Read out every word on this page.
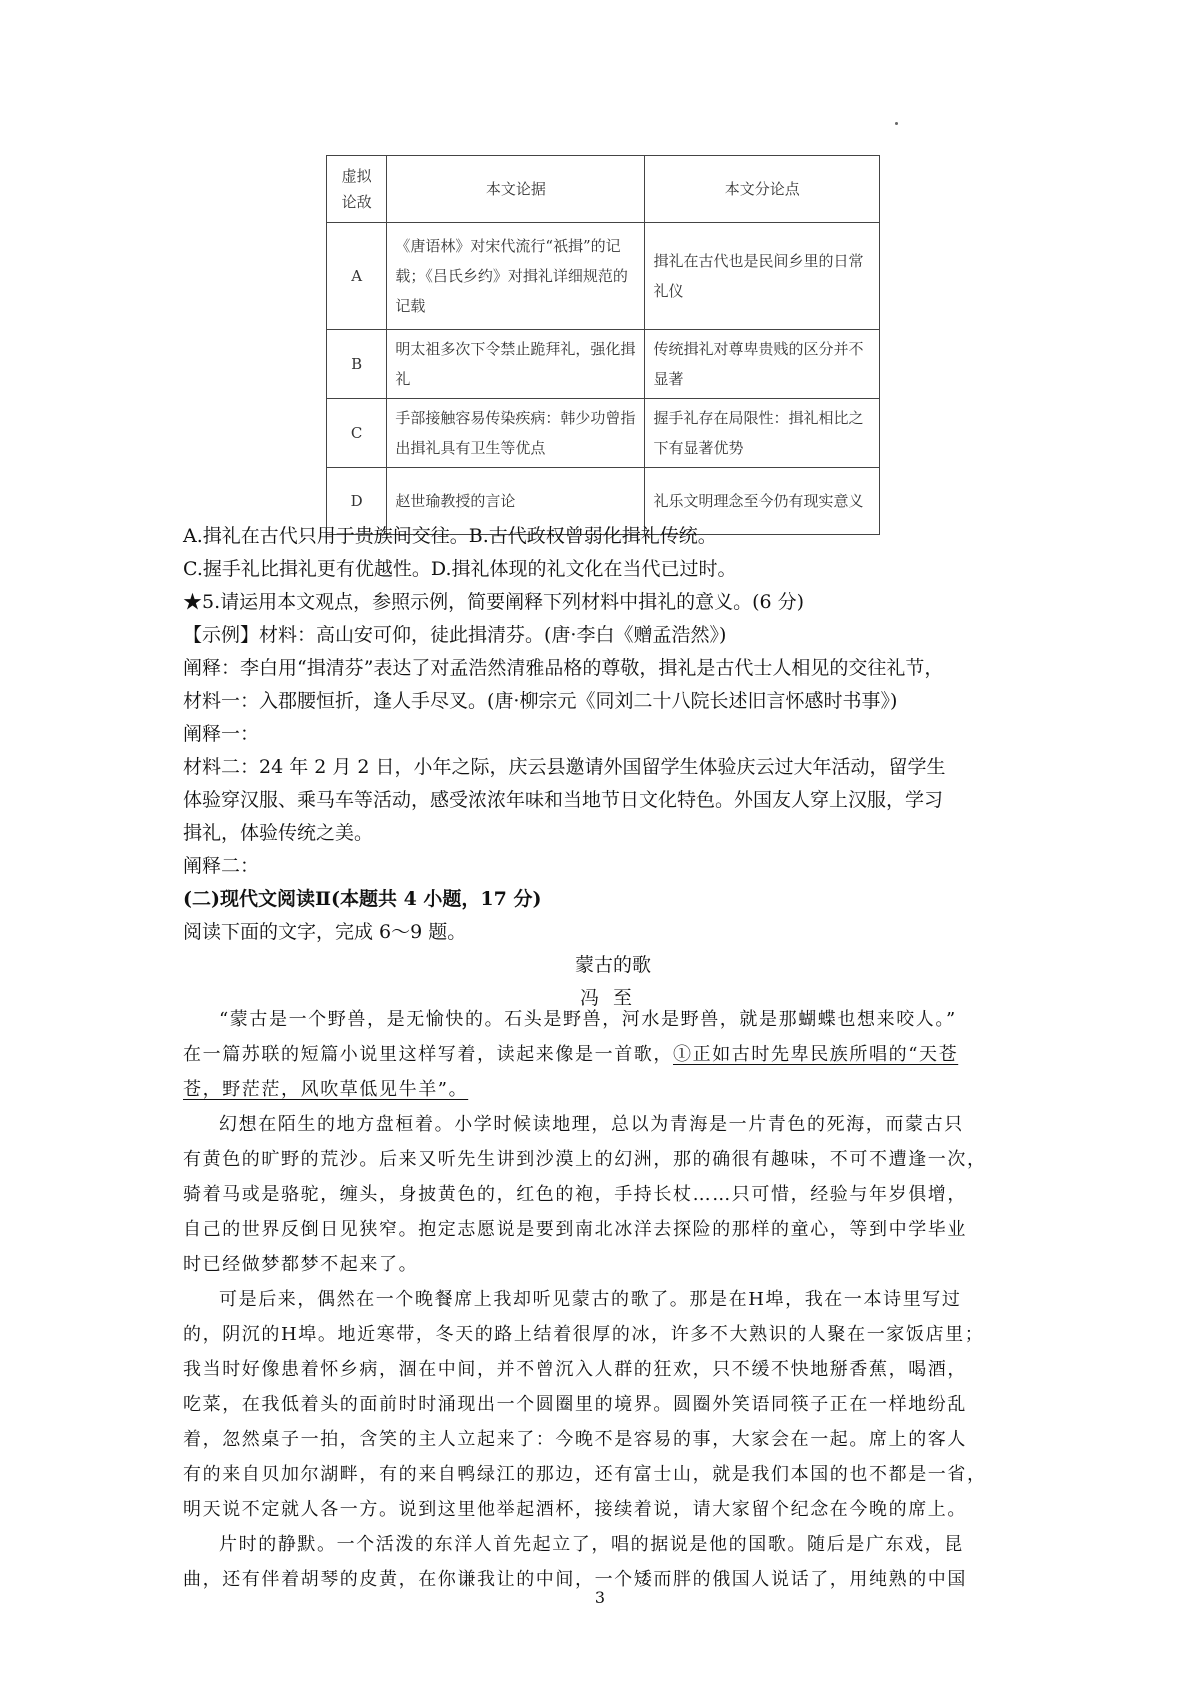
虚拟论敌	本文论据	本文分论点
A	《唐语林》对宋代流行“祇揖”的记载；《吕氏乡约》对揖礼详细规范的记载	揖礼在古代也是民间乡里的日常礼仪
B	明太祖多次下令禁止跪拜礼，强化揖礼	传统揖礼对尊卑贵贱的区分并不显著
C	手部接触容易传染疾病：韩少功曾指出揖礼具有卫生等优点	握手礼存在局限性：揖礼相比之下有显著优势
D	赵世瑜教授的言论	礼乐文明理念至今仍有现实意义
A.揖礼在古代只用于贵族间交往。B.古代政权曾弱化揖礼传统。
C.握手礼比揖礼更有优越性。D.揖礼体现的礼文化在当代已过时。
★5.请运用本文观点，参照示例，简要阐释下列材料中揖礼的意义。(6 分)
【示例】材料：高山安可仰，徒此揖清芬。(唐·李白《赠孟浩然》)
阐释：李白用“揖清芬”表达了对孟浩然清雅品格的尊敬，揖礼是古代士人相见的交往礼节，
材料一：入郡腰恒折，逢人手尽叉。(唐·柳宗元《同刘二十八院长述旧言怀感时书事》)
阐释一：
材料二：24 年 2 月 2 日，小年之际，庆云县邀请外国留学生体验庆云过大年活动，留学生
体验穿汉服、乘马车等活动，感受浓浓年味和当地节日文化特色。外国友人穿上汉服，学习
揖礼，体验传统之美。
阐释二：
(二)现代文阅读Ⅱ(本题共 4 小题，17 分)
阅读下面的文字，完成 6～9 题。
蒙古的歌
冯至
“蒙古是一个野兽，是无愉快的。石头是野兽，河水是野兽，就是那蝴蝶也想来咬人。”
在一篇苏联的短篇小说里这样写着，读起来像是一首歌，①正如古时先卑民族所唱的“天苍
苍，野茫茫，风吹草低见牛羊”。
幻想在陌生的地方盘桓着。小学时候读地理，总以为青海是一片青色的死海，而蒙古只
有黄色的旷野的荒沙。后来又听先生讲到沙漠上的幻洲，那的确很有趣味，不可不遭逢一次，
骑着马或是骆驼，缠头，身披黄色的，红色的袍，手持长杖……只可惜，经验与年岁俱增，
自己的世界反倒日见狭窄。抱定志愿说是要到南北冰洋去探险的那样的童心，等到中学毕业
时已经做梦都梦不起来了。
可是后来，偶然在一个晚餐席上我却听见蒙古的歌了。那是在H埠，我在一本诗里写过
的，阴沉的H埠。地近寒带，冬天的路上结着很厚的冰，许多不大熟识的人聚在一家饭店里；
我当时好像患着怀乡病，涸在中间，并不曾沉入人群的狂欢，只不缓不快地掰香蕉，喝酒，
吃菜，在我低着头的面前时时涌现出一个圆圈里的境界。圆圈外笑语同筷子正在一样地纷乱
着，忽然桌子一拍，含笑的主人立起来了：今晚不是容易的事，大家会在一起。席上的客人
有的来自贝加尔湖畔，有的来自鸭绿江的那边，还有富士山，就是我们本国的也不都是一省，
明天说不定就人各一方。说到这里他举起酒杯，接续着说，请大家留个纪念在今晚的席上。
片时的静默。一个活泼的东洋人首先起立了，唱的据说是他的国歌。随后是广东戏，昆
曲，还有伴着胡琴的皮黄，在你谦我让的中间，一个矮而胖的俄国人说话了，用纯熟的中国
3
